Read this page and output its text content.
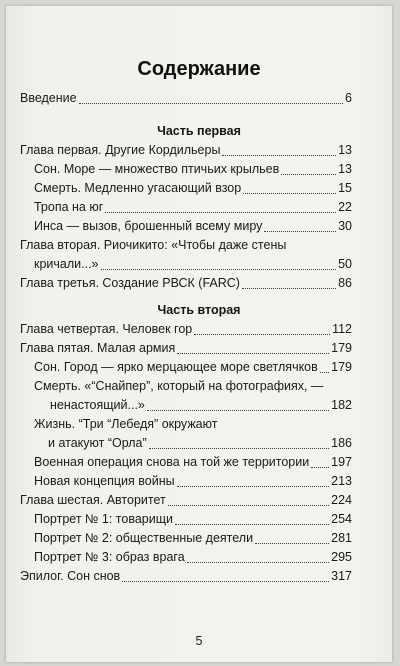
Содержание
Введение	6
Часть первая
Глава первая. Другие Кордильеры	13
Сон. Море — множество птичьих крыльев	13
Смерть. Медленно угасающий взор	15
Тропа на юг	22
Инса — вызов, брошенный всему миру	30
Глава вторая. Риочикито: «Чтобы даже стены
кричали...»	50
Глава третья. Создание РВСК (FARC)	86
Часть вторая
Глава четвертая. Человек гор	112
Глава пятая. Малая армия	179
Сон. Город — ярко мерцающее море светлячков 179
Смерть. «“Снайпер”, который на фотографиях, —
ненастоящий...»	182
Жизнь. “Три “Лебедя” окружают
и атакуют “Орла”	186
Военная операция снова на той же территории 197
Новая концепция войны	213
Глава шестая. Авторитет	224
Портрет № 1: товарищи	254
Портрет № 2: общественные деятели	281
Портрет № 3: образ врага	295
Эпилог. Сон снов	317
5
